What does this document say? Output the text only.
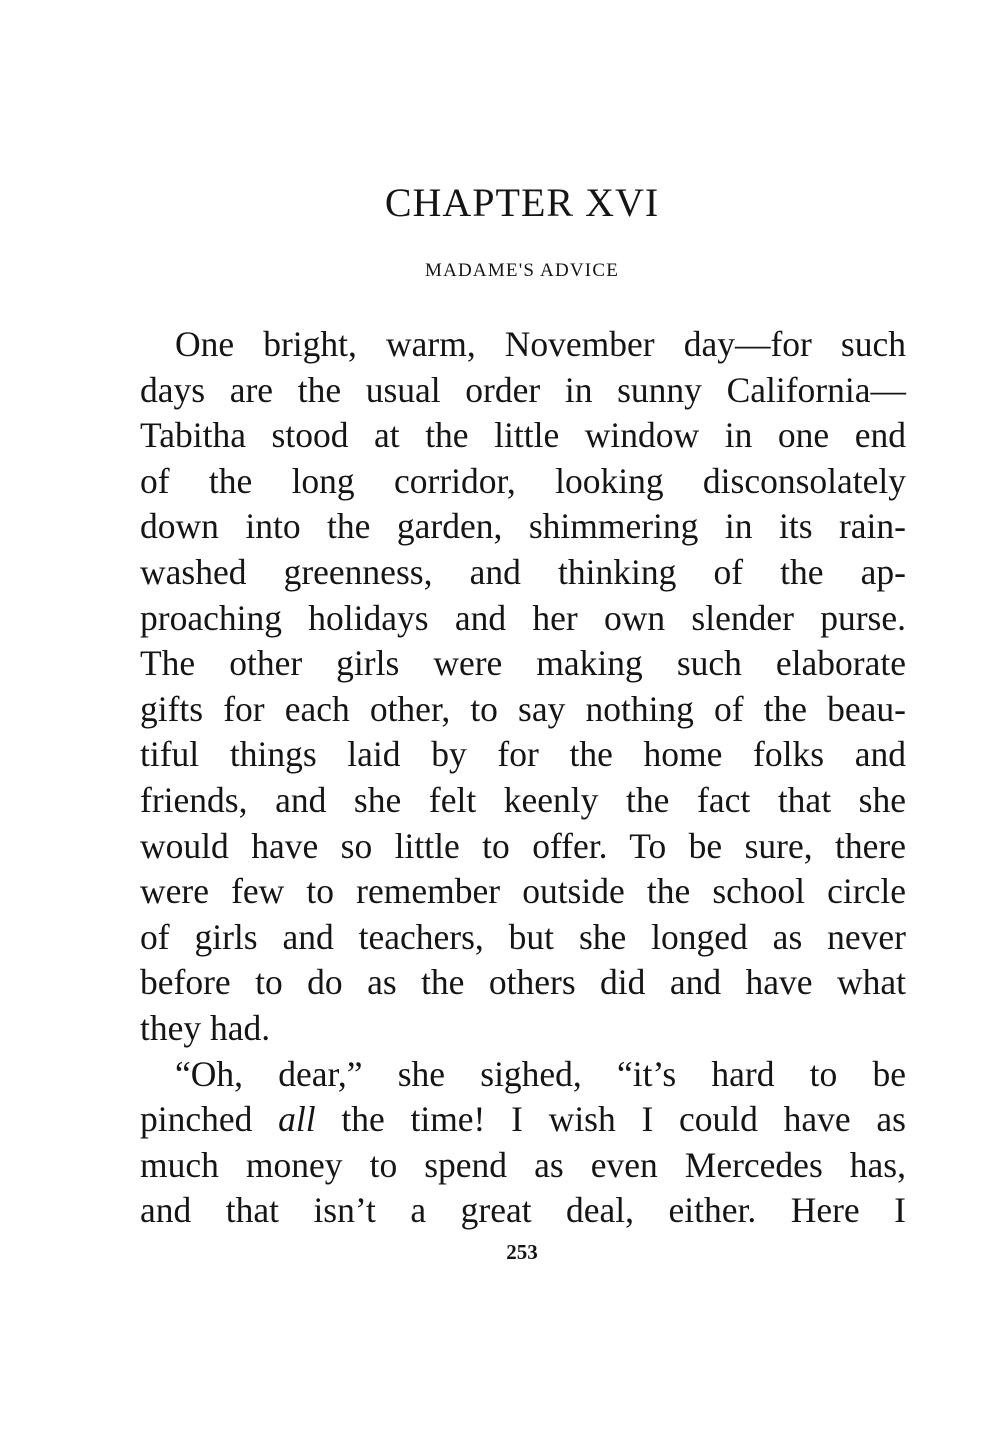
CHAPTER XVI
MADAME'S ADVICE
One bright, warm, November day—for such
days are the usual order in sunny California—
Tabitha stood at the little window in one end
of the long corridor, looking disconsolately
down into the garden, shimmering in its rain-
washed greenness, and thinking of the ap-
proaching holidays and her own slender purse.
The other girls were making such elaborate
gifts for each other, to say nothing of the beau-
tiful things laid by for the home folks and
friends, and she felt keenly the fact that she
would have so little to offer. To be sure, there
were few to remember outside the school circle
of girls and teachers, but she longed as never
before to do as the others did and have what
they had.
“Oh, dear,” she sighed, “it’s hard to be
pinched all the time! I wish I could have as
much money to spend as even Mercedes has,
and that isn’t a great deal, either. Here I
253
